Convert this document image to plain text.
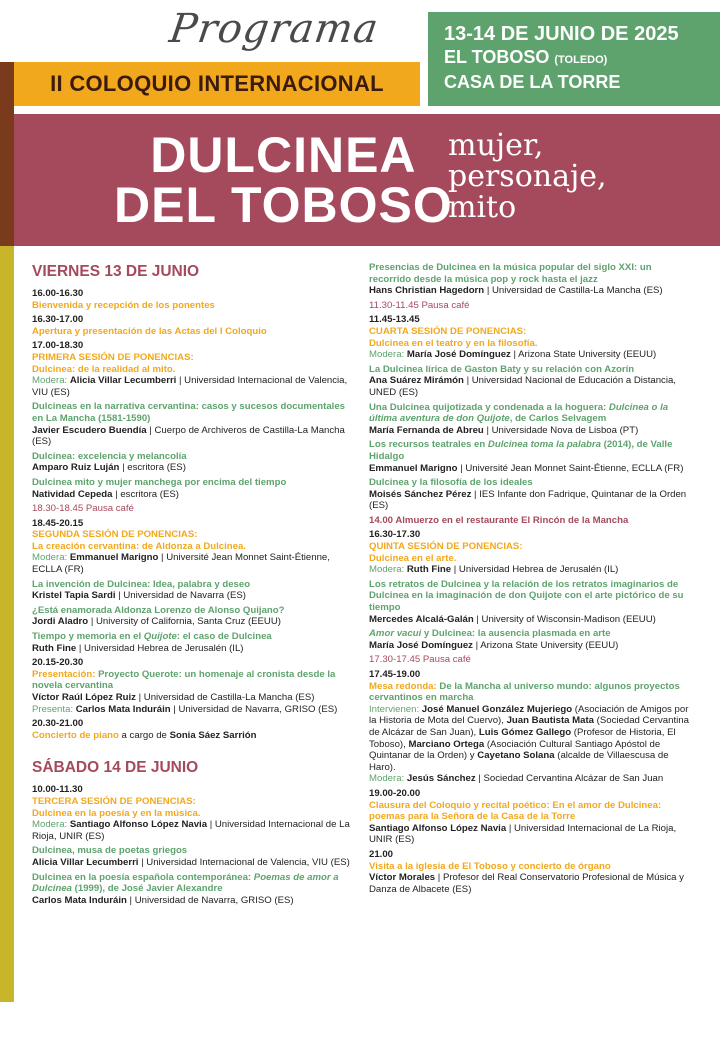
Programa
II COLOQUIO INTERNACIONAL
13-14 DE JUNIO DE 2025
EL TOBOSO (TOLEDO)
CASA DE LA TORRE
DULCINEA
DEL TOBOSO
mujer,
personaje,
mito
VIERNES 13 DE JUNIO
16.00-16.30
Bienvenida y recepción de los ponentes
16.30-17.00
Apertura y presentación de las Actas del I Coloquio
17.00-18.30
PRIMERA SESIÓN DE PONENCIAS:
Dulcinea: de la realidad al mito.
Modera: Alicia Villar Lecumberri | Universidad Internacional de Valencia, VIU (ES)
Dulcineas en la narrativa cervantina: casos y sucesos documentales en La Mancha (1581-1590)
Javier Escudero Buendía | Cuerpo de Archiveros de Castilla-La Mancha (ES)
Dulcinea: excelencia y melancolía
Amparo Ruiz Luján | escritora (ES)
Dulcinea mito y mujer manchega por encima del tiempo
Natividad Cepeda | escritora (ES)
18.30-18.45 Pausa café
18.45-20.15
SEGUNDA SESIÓN DE PONENCIAS:
La creación cervantina: de Aldonza a Dulcinea.
Modera: Emmanuel Marigno | Université Jean Monnet Saint-Étienne, ECLLA (FR)
La invención de Dulcinea: Idea, palabra y deseo
Kristel Tapia Sardi | Universidad de Navarra (ES)
¿Está enamorada Aldonza Lorenzo de Alonso Quijano?
Jordi Aladro | University of California, Santa Cruz (EEUU)
Tiempo y memoria en el Quijote: el caso de Dulcinea
Ruth Fine | Universidad Hebrea de Jerusalén (IL)
20.15-20.30
Presentación: Proyecto Querote: un homenaje al cronista desde la novela cervantina
Víctor Raúl López Ruiz | Universidad de Castilla-La Mancha (ES)
Presenta: Carlos Mata Induráin | Universidad de Navarra, GRISO (ES)
20.30-21.00
Concierto de piano a cargo de Sonia Sáez Sarrión
SÁBADO 14 DE JUNIO
10.00-11.30
TERCERA SESIÓN DE PONENCIAS:
Dulcinea en la poesía y en la música.
Modera: Santiago Alfonso López Navia | Universidad Internacional de La Rioja, UNIR (ES)
Dulcinea, musa de poetas griegos
Alicia Villar Lecumberri | Universidad Internacional de Valencia, VIU (ES)
Dulcinea en la poesía española contemporánea: Poemas de amor a Dulcinea (1999), de José Javier Alexandre
Carlos Mata Induráin | Universidad de Navarra, GRISO (ES)
Presencias de Dulcinea en la música popular del siglo XXI: un recorrido desde la música pop y rock hasta el jazz
Hans Christian Hagedorn | Universidad de Castilla-La Mancha (ES)
11.30-11.45 Pausa café
11.45-13.45
CUARTA SESIÓN DE PONENCIAS:
Dulcinea en el teatro y en la filosofía.
Modera: María José Domínguez | Arizona State University (EEUU)
La Dulcinea lírica de Gaston Baty y su relación con Azorín
Ana Suárez Mirámón | Universidad Nacional de Educación a Distancia, UNED (ES)
Una Dulcinea quijotizada y condenada a la hoguera: Dulcinea o la última aventura de don Quijote, de Carlos Selvagem
María Fernanda de Abreu | Universidade Nova de Lisboa (PT)
Los recursos teatrales en Dulcinea toma la palabra (2014), de Valle Hidalgo
Emmanuel Marigno | Université Jean Monnet Saint-Étienne, ECLLA (FR)
Dulcinea y la filosofía de los ideales
Moisés Sánchez Pérez | IES Infante don Fadrique, Quintanar de la Orden (ES)
14.00 Almuerzo en el restaurante El Rincón de la Mancha
16.30-17.30
QUINTA SESIÓN DE PONENCIAS:
Dulcinea en el arte.
Modera: Ruth Fine | Universidad Hebrea de Jerusalén (IL)
Los retratos de Dulcinea y la relación de los retratos imaginarios de Dulcinea en la imaginación de don Quijote con el arte pictórico de su tiempo
Mercedes Alcalá-Galán | University of Wisconsin-Madison (EEUU)
Amor vacui y Dulcinea: la ausencia plasmada en arte
María José Domínguez | Arizona State University (EEUU)
17.30-17.45 Pausa café
17.45-19.00
Mesa redonda: De la Mancha al universo mundo: algunos proyectos cervantinos en marcha
Intervienen: José Manuel González Mujeriego (Asociación de Amigos por la Historia de Mota del Cuervo), Juan Bautista Mata (Sociedad Cervantina de Alcázar de San Juan), Luis Gómez Gallego (Profesor de Historia, El Toboso), Marciano Ortega (Asociación Cultural Santiago Apóstol de Quintanar de la Orden) y Cayetano Solana (alcalde de Villaescusa de Haro).
Modera: Jesús Sánchez | Sociedad Cervantina Alcázar de San Juan
19.00-20.00
Clausura del Coloquio y recital poético: En el amor de Dulcinea: poemas para la Señora de la Casa de la Torre
Santiago Alfonso López Navia | Universidad Internacional de La Rioja, UNIR (ES)
21.00
Visita a la iglesia de El Toboso y concierto de órgano
Víctor Morales | Profesor del Real Conservatorio Profesional de Música y Danza de Albacete (ES)
